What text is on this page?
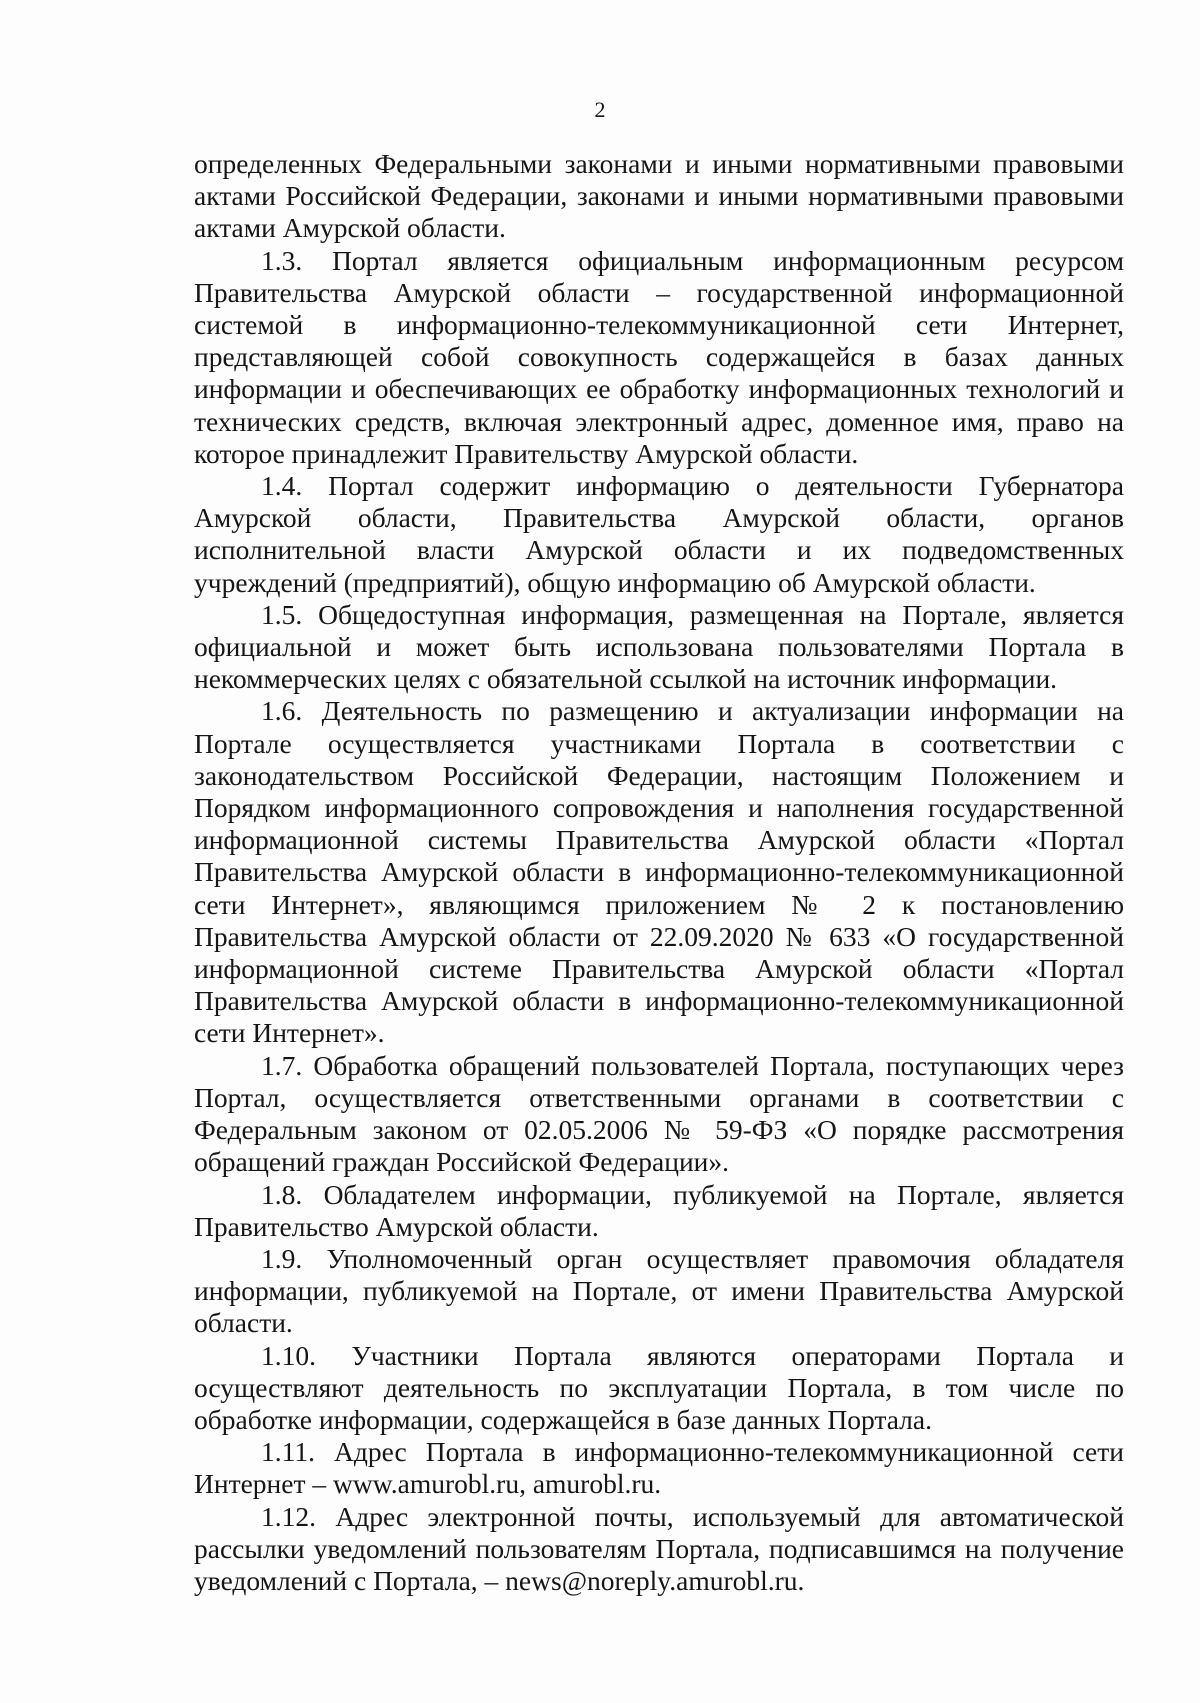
2

определенных Федеральными законами и иными нормативными правовыми актами Российской Федерации, законами и иными нормативными правовыми актами Амурской области.

1.3. Портал является официальным информационным ресурсом Правительства Амурской области – государственной информационной системой в информационно-телекоммуникационной сети Интернет, представляющей собой совокупность содержащейся в базах данных информации и обеспечивающих ее обработку информационных технологий и технических средств, включая электронный адрес, доменное имя, право на которое принадлежит Правительству Амурской области.

1.4. Портал содержит информацию о деятельности Губернатора Амурской области, Правительства Амурской области, органов исполнительной власти Амурской области и их подведомственных учреждений (предприятий), общую информацию об Амурской области.

1.5. Общедоступная информация, размещенная на Портале, является официальной и может быть использована пользователями Портала в некоммерческих целях с обязательной ссылкой на источник информации.

1.6. Деятельность по размещению и актуализации информации на Портале осуществляется участниками Портала в соответствии с законодательством Российской Федерации, настоящим Положением и Порядком информационного сопровождения и наполнения государственной информационной системы Правительства Амурской области «Портал Правительства Амурской области в информационно-телекоммуникационной сети Интернет», являющимся приложением № 2 к постановлению Правительства Амурской области от 22.09.2020 № 633 «О государственной информационной системе Правительства Амурской области «Портал Правительства Амурской области в информационно-телекоммуникационной сети Интернет».

1.7. Обработка обращений пользователей Портала, поступающих через Портал, осуществляется ответственными органами в соответствии с Федеральным законом от 02.05.2006 № 59-ФЗ «О порядке рассмотрения обращений граждан Российской Федерации».

1.8. Обладателем информации, публикуемой на Портале, является Правительство Амурской области.

1.9. Уполномоченный орган осуществляет правомочия обладателя информации, публикуемой на Портале, от имени Правительства Амурской области.

1.10. Участники Портала являются операторами Портала и осуществляют деятельность по эксплуатации Портала, в том числе по обработке информации, содержащейся в базе данных Портала.

1.11. Адрес Портала в информационно-телекоммуникационной сети Интернет – www.amurobl.ru, amurobl.ru.

1.12. Адрес электронной почты, используемый для автоматической рассылки уведомлений пользователям Портала, подписавшимся на получение уведомлений с Портала, – news@noreply.amurobl.ru.
